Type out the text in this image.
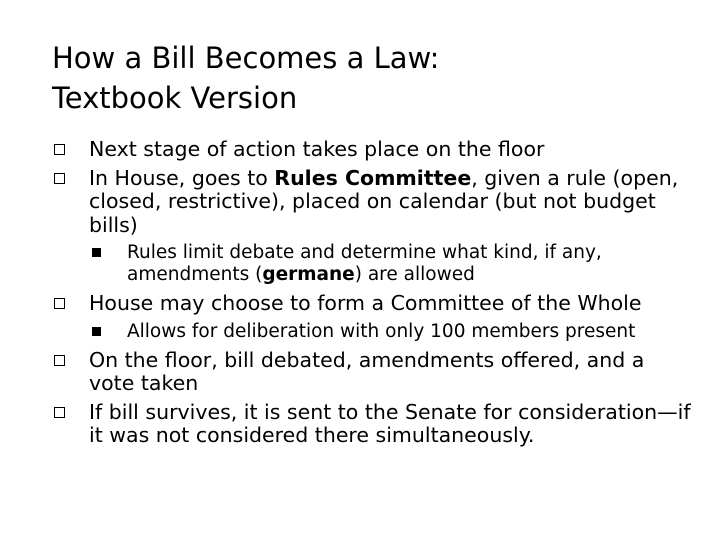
How a Bill Becomes a Law:
Textbook Version
Next stage of action takes place on the floor
In House, goes to Rules Committee, given a rule (open, closed, restrictive), placed on calendar (but not budget bills)
Rules limit debate and determine what kind, if any, amendments (germane) are allowed
House may choose to form a Committee of the Whole
Allows for deliberation with only 100 members present
On the floor, bill debated, amendments offered, and a vote taken
If bill survives, it is sent to the Senate for consideration—if it was not considered there simultaneously.
